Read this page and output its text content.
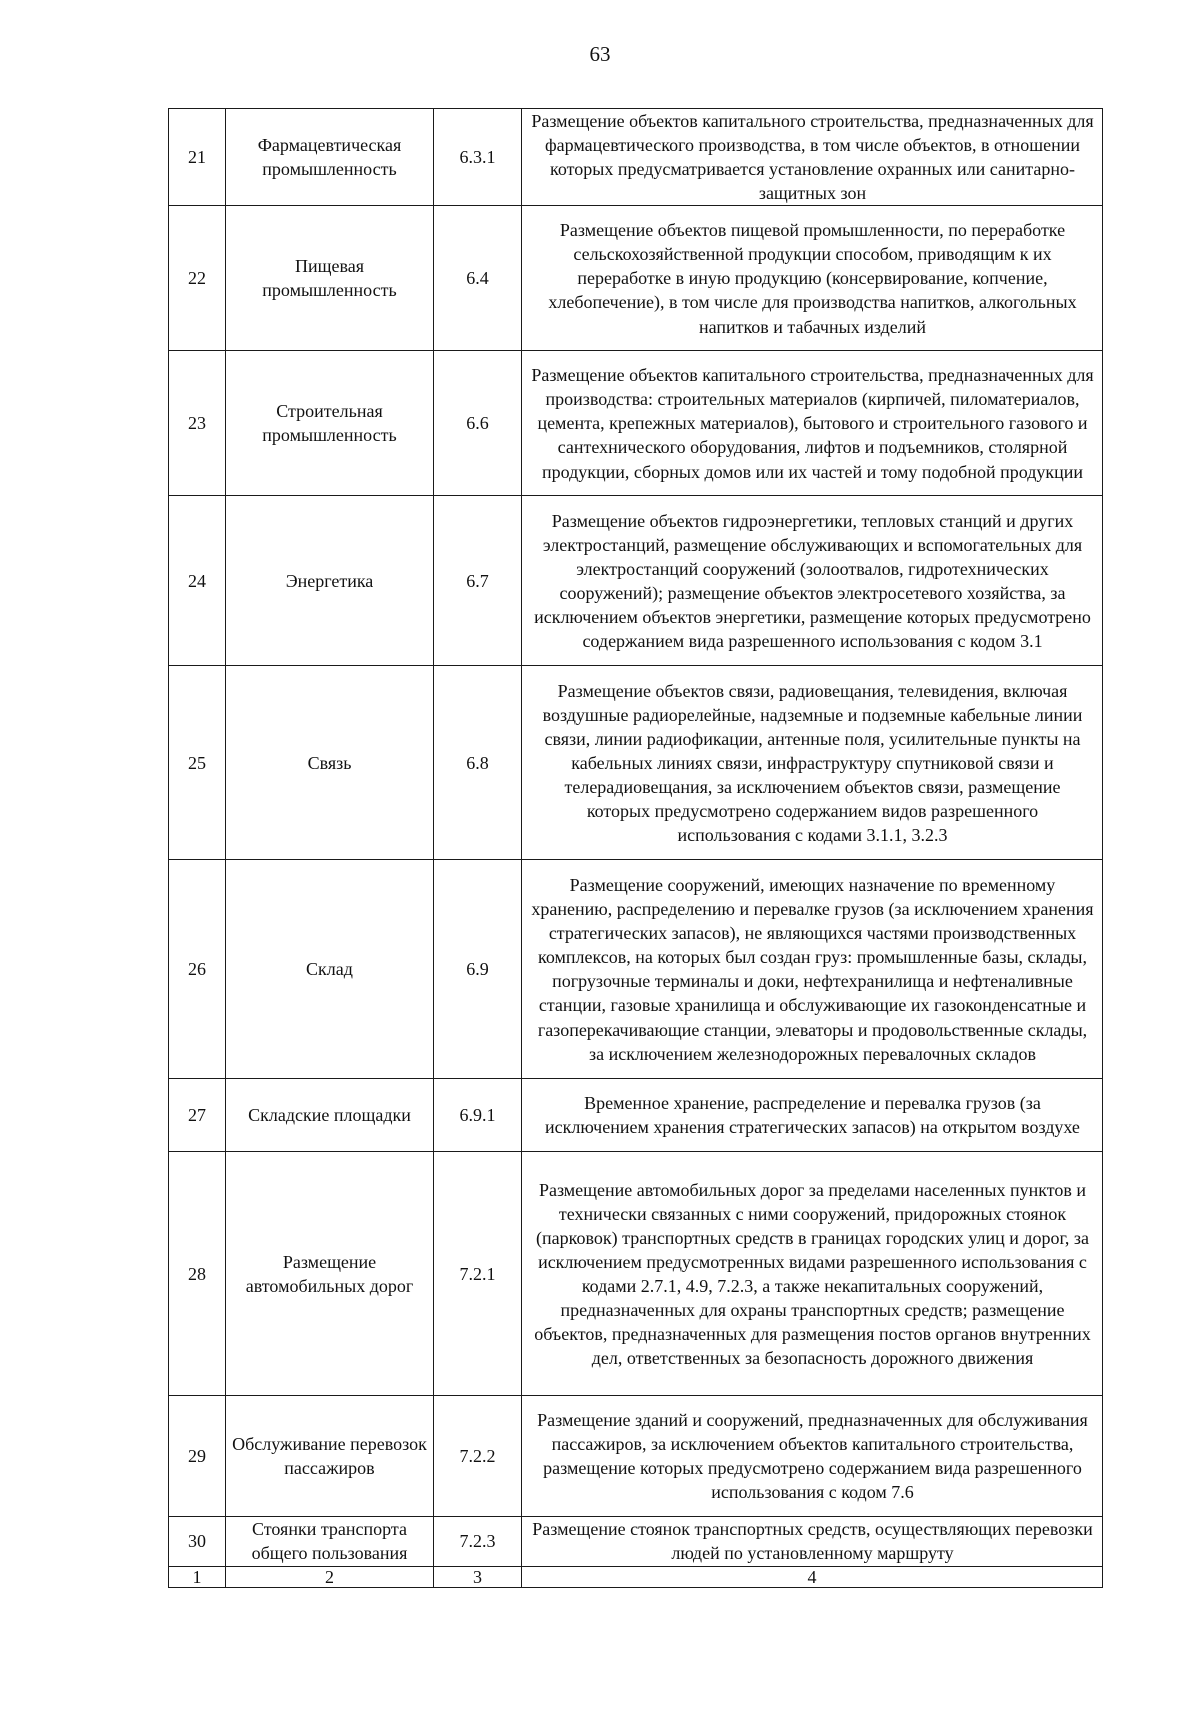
63
21	Фармацевтическая промышленность	6.3.1	Размещение объектов капитального строительства, предназначенных для фармацевтического производства, в том числе объектов, в отношении которых предусматривается установление охранных или санитарно-защитных зон
22	Пищевая промышленность	6.4	Размещение объектов пищевой промышленности, по переработке сельскохозяйственной продукции способом, приводящим к их переработке в иную продукцию (консервирование, копчение, хлебопечение), в том числе для производства напитков, алкогольных напитков и табачных изделий
23	Строительная промышленность	6.6	Размещение объектов капитального строительства, предназначенных для производства: строительных материалов (кирпичей, пиломатериалов, цемента, крепежных материалов), бытового и строительного газового и сантехнического оборудования, лифтов и подъемников, столярной продукции, сборных домов или их частей и тому подобной продукции
24	Энергетика	6.7	Размещение объектов гидроэнергетики, тепловых станций и других электростанций, размещение обслуживающих и вспомогательных для электростанций сооружений (золоотвалов, гидротехнических сооружений); размещение объектов электросетевого хозяйства, за исключением объектов энергетики, размещение которых предусмотрено содержанием вида разрешенного использования с кодом 3.1
25	Связь	6.8	Размещение объектов связи, радиовещания, телевидения, включая воздушные радиорелейные, надземные и подземные кабельные линии связи, линии радиофикации, антенные поля, усилительные пункты на кабельных линиях связи, инфраструктуру спутниковой связи и телерадиовещания, за исключением объектов связи, размещение которых предусмотрено содержанием видов разрешенного использования с кодами 3.1.1, 3.2.3
26	Склад	6.9	Размещение сооружений, имеющих назначение по временному хранению, распределению и перевалке грузов (за исключением хранения стратегических запасов), не являющихся частями производственных комплексов, на которых был создан груз: промышленные базы, склады, погрузочные терминалы и доки, нефтехранилища и нефтеналивные станции, газовые хранилища и обслуживающие их газоконденсатные и газоперекачивающие станции, элеваторы и продовольственные склады, за исключением железнодорожных перевалочных складов
27	Складские площадки	6.9.1	Временное хранение, распределение и перевалка грузов (за исключением хранения стратегических запасов) на открытом воздухе
28	Размещение автомобильных дорог	7.2.1	Размещение автомобильных дорог за пределами населенных пунктов и технически связанных с ними сооружений, придорожных стоянок (парковок) транспортных средств в границах городских улиц и дорог, за исключением предусмотренных видами разрешенного использования с кодами 2.7.1, 4.9, 7.2.3, а также некапитальных сооружений, предназначенных для охраны транспортных средств; размещение объектов, предназначенных для размещения постов органов внутренних дел, ответственных за безопасность дорожного движения
29	Обслуживание перевозок пассажиров	7.2.2	Размещение зданий и сооружений, предназначенных для обслуживания пассажиров, за исключением объектов капитального строительства, размещение которых предусмотрено содержанием вида разрешенного использования с кодом 7.6
30	Стоянки транспорта общего пользования	7.2.3	Размещение стоянок транспортных средств, осуществляющих перевозки людей по установленному маршруту
1	2	3	4
